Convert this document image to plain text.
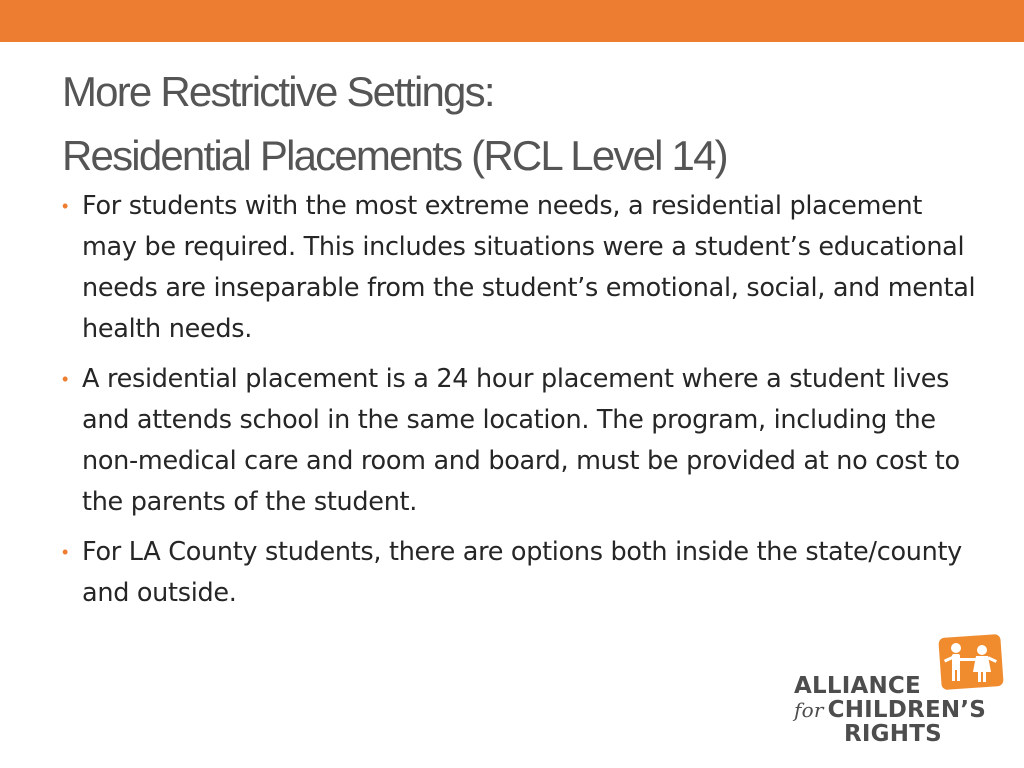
More Restrictive Settings:
Residential Placements (RCL Level 14)
• For students with the most extreme needs, a residential placement may be required. This includes situations were a student’s educational needs are inseparable from the student’s emotional, social, and mental health needs.
• A residential placement is a 24 hour placement where a student lives and attends school in the same location. The program, including the non-medical care and room and board, must be provided at no cost to the parents of the student.
• For LA County students, there are options both inside the state/county and outside.
ALLIANCE
for CHILDREN’S
RIGHTS
